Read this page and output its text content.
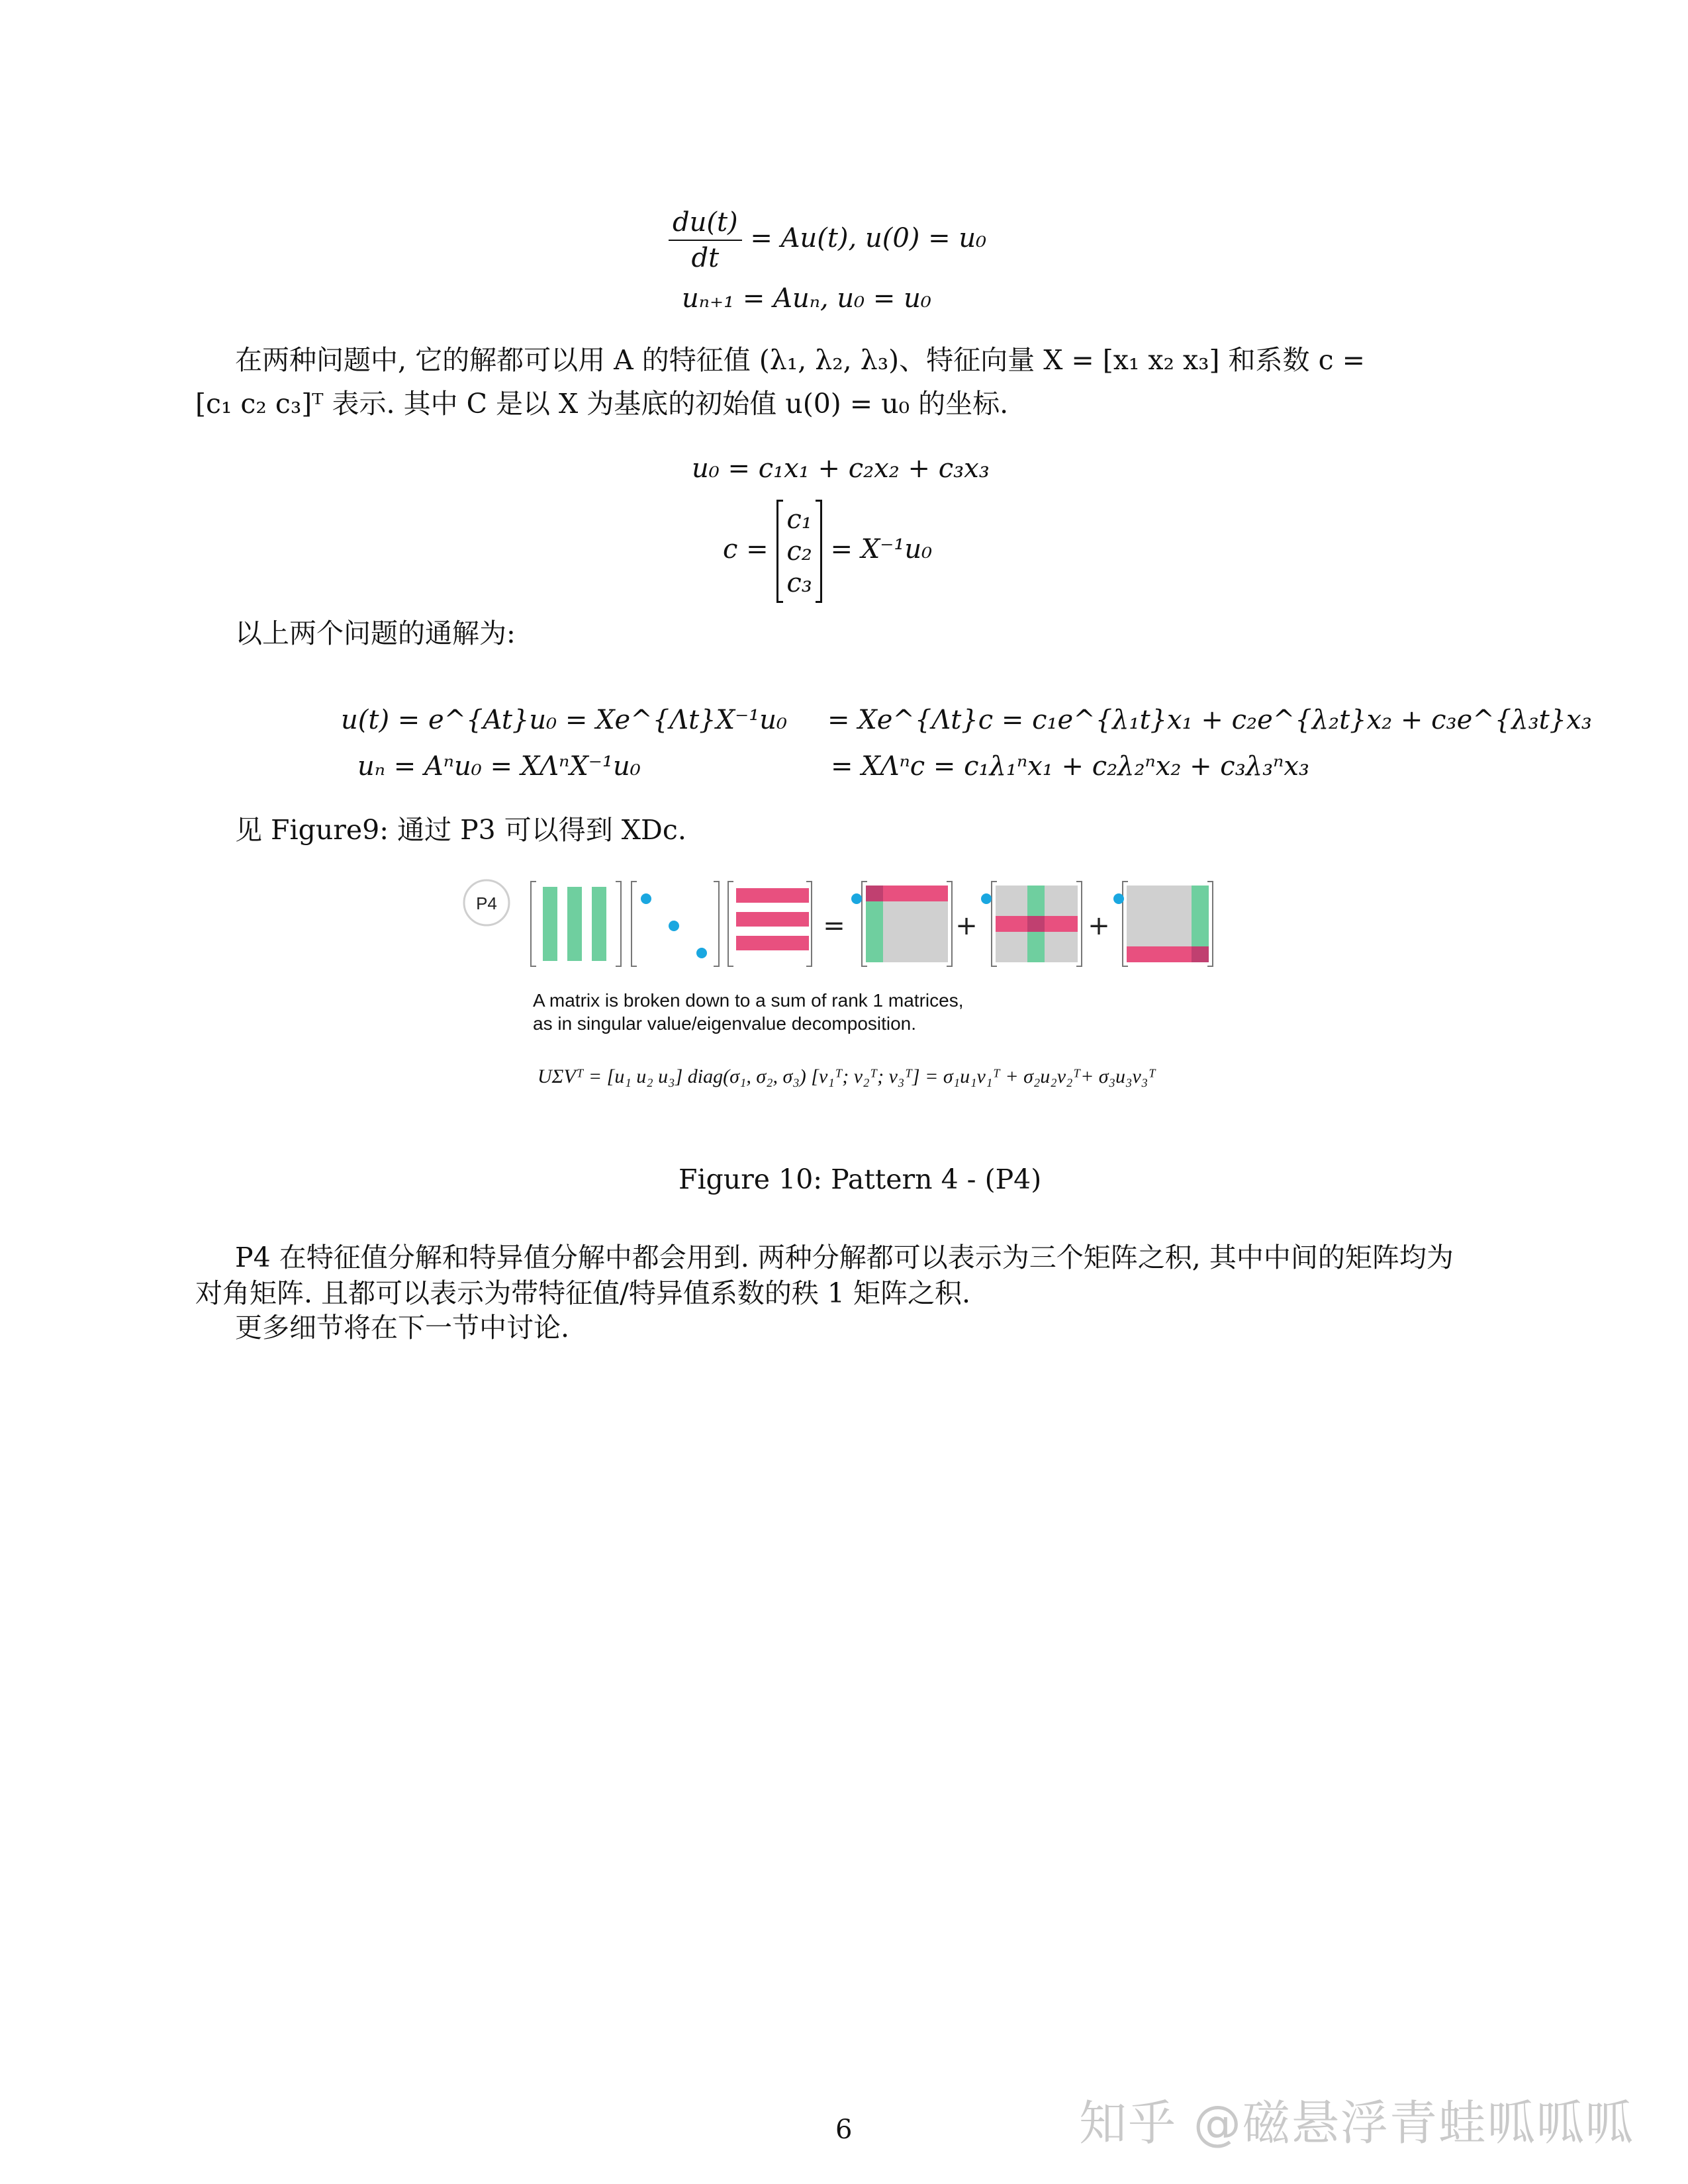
$\frac{du(t)}{dt} = Au(t)$, u(0) = u₀
uₙ₊₁ = Auₙ, u₀ = u₀
在两种问题中, 它的解都可以用 A 的特征值 (λ₁, λ₂, λ₃)、特征向量 X = [x₁ x₂ x₃] 和系数 c =
[c₁ c₂ c₃]ᵀ 表示. 其中 C 是以 X 为基底的初始值 u(0) = u₀ 的坐标.
u₀ = c₁x₁ + c₂x₂ + c₃x₃
c =
c₁
c₂
c₃
= X⁻¹u₀
以上两个问题的通解为:
u(t) = e^{At}u₀ = Xe^{Λt}X⁻¹u₀ = Xe^{Λt}c = c₁e^{λ₁t}x₁ + c₂e^{λ₂t}x₂ + c₃e^{λ₃t}x₃
uₙ = Aⁿu₀ = XΛⁿX⁻¹u₀	= XΛⁿc = c₁λ₁ⁿx₁ + c₂λ₂ⁿx₂ + c₃λ₃ⁿx₃
见 Figure9: 通过 P3 可以得到 XDc.
P4
=	+	+
A matrix is broken down to a sum of rank 1 matrices,
as in singular value/eigenvalue decomposition.
UΣVᵀ = [u₁ u₂ u₃] diag(σ₁, σ₂, σ₃) [v₁ᵀ; v₂ᵀ; v₃ᵀ] = σ₁u₁v₁ᵀ + σ₂u₂v₂ᵀ+ σ₃u₃v₃ᵀ
Figure 10: Pattern 4 - (P4)
P4 在特征值分解和特异值分解中都会用到. 两种分解都可以表示为三个矩阵之积, 其中中间的矩阵均为
对角矩阵. 且都可以表示为带特征值/特异值系数的秩 1 矩阵之积.
更多细节将在下一节中讨论.
6	知乎 @磁悬浮青蛙呱呱呱
